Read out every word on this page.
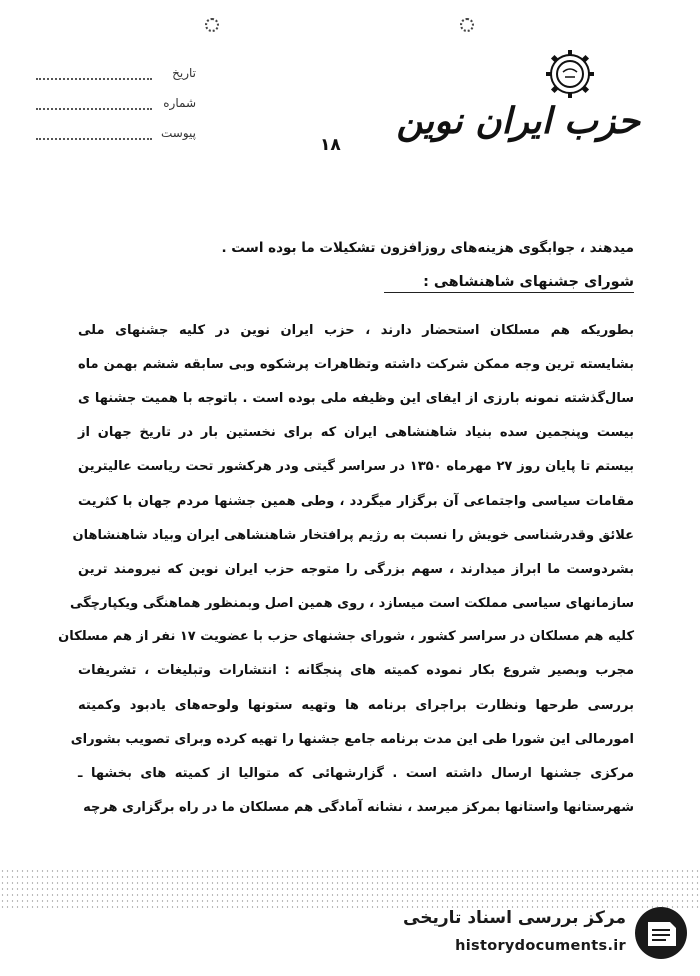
تاریخ
شماره
پیوست
۱۸
حزب ایران نوین
میدهند ، جوابگوی هزینه‌های روزافزون تشکیلات ما بوده است .
شورای جشنهای شاهنشاهی :
بطوریکه هم مسلکان استحضار دارند ، حزب ایران نوین در کلیه جشنهای ملی
بشایسته ترین وجه ممکن شرکت داشته وتظاهرات پرشکوه وبی سابقه ششم بهمن ماه
سال‌گذشته نمونه بارزی از ایفای این وظیفه ملی بوده است . باتوجه با هميت جشنها ی
بیست وپنجمین سده بنیاد شاهنشاهی ایران که برای نخستین بار در تاریخ جهان از
بیستم تا پایان روز ۲۷ مهرماه ۱۳۵۰ در سراسر گیتی ودر هرکشور تحت ریاست عالیترین
مقامات سیاسی واجتماعی آن برگزار میگردد ، وطی همین جشنها مردم جهان با کثریت
علائق وقدرشناسی خویش را نسبت به رژیم پرافتخار شاهنشاهی ایران وبیاد شاهنشاهان
بشردوست ما ابراز میدارند ، سهم بزرگی را متوجه حزب ایران نوین که نیرومند ترین
سازمانهای سیاسی مملکت است میسازد ، روی همین اصل وبمنظور هماهنگی ویکپارچگی
کلیه هم مسلکان در سراسر کشور ، شورای جشنهای حزب با عضویت ۱۷ نفر از هم مسلکان
مجرب وبصیر شروع بکار نموده کمیته های پنجگانه : انتشارات وتبلیغات ، تشریفات
بررسی طرحها ونظارت براجرای برنامه ها وتهیه ستونها ولوحه‌های یادبود وکمیته
امورمالی این شورا طی این مدت برنامه جامع جشنها را تهیه کرده وبرای تصویب بشورای
مرکزی جشنها ارسال داشته است . گزارشهائی که متوالیا از کمیته های بخشها ـ
شهرستانها واستانها بمرکز میرسد ، نشانه آمادگی هم مسلکان ما در راه برگزاری هرچه
مرکز بررسی اسناد تاریخی
historydocuments.ir
